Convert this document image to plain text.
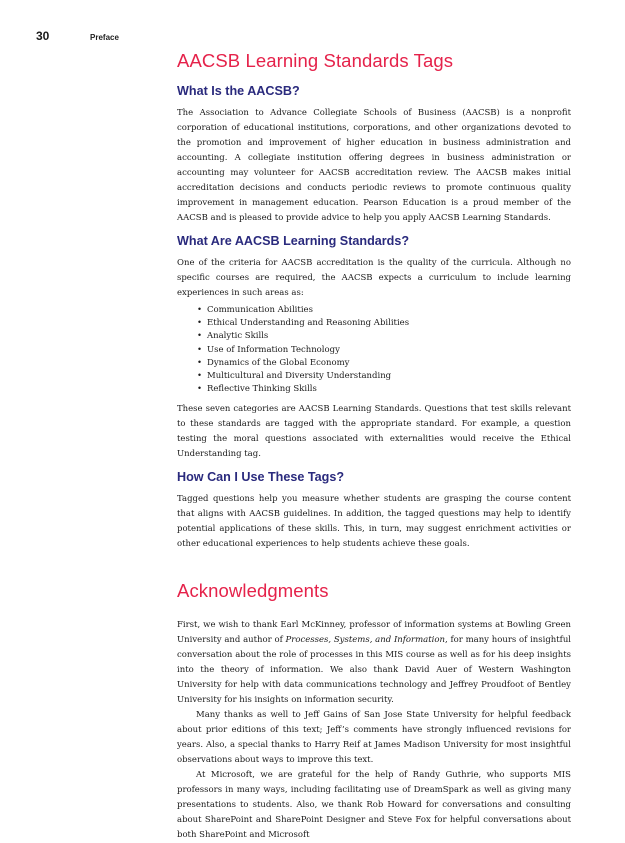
30	Preface
AACSB Learning Standards Tags
What Is the AACSB?

The Association to Advance Collegiate Schools of Business (AACSB) is a nonprofit corporation of educational institutions, corporations, and other organizations devoted to the promotion and improvement of higher education in business administration and accounting. A collegiate institution offering degrees in business administration or accounting may volunteer for AACSB accreditation review. The AACSB makes initial accreditation decisions and conducts periodic reviews to promote continuous quality improvement in management education. Pearson Education is a proud member of the AACSB and is pleased to provide advice to help you apply AACSB Learning Standards.

What Are AACSB Learning Standards?

One of the criteria for AACSB accreditation is the quality of the curricula. Although no specific courses are required, the AACSB expects a curriculum to include learning experiences in such areas as:

• Communication Abilities
• Ethical Understanding and Reasoning Abilities
• Analytic Skills
• Use of Information Technology
• Dynamics of the Global Economy
• Multicultural and Diversity Understanding
• Reflective Thinking Skills

These seven categories are AACSB Learning Standards. Questions that test skills relevant to these standards are tagged with the appropriate standard. For example, a question testing the moral questions associated with externalities would receive the Ethical Understanding tag.

How Can I Use These Tags?

Tagged questions help you measure whether students are grasping the course content that aligns with AACSB guidelines. In addition, the tagged questions may help to identify potential applications of these skills. This, in turn, may suggest enrichment activities or other educational experiences to help students achieve these goals.

Acknowledgments

First, we wish to thank Earl McKinney, professor of information systems at Bowling Green University and author of Processes, Systems, and Information, for many hours of insightful conversation about the role of processes in this MIS course as well as for his deep insights into the theory of information. We also thank David Auer of Western Washington University for help with data communications technology and Jeffrey Proudfoot of Bentley University for his insights on information security.

Many thanks as well to Jeff Gains of San Jose State University for helpful feedback about prior editions of this text; Jeff’s comments have strongly influenced revisions for years. Also, a special thanks to Harry Reif at James Madison University for most insightful observations about ways to improve this text.

At Microsoft, we are grateful for the help of Randy Guthrie, who supports MIS professors in many ways, including facilitating use of DreamSpark as well as giving many presentations to students. Also, we thank Rob Howard for conversations and consulting about SharePoint and SharePoint Designer and Steve Fox for helpful conversations about both SharePoint and Microsoft
